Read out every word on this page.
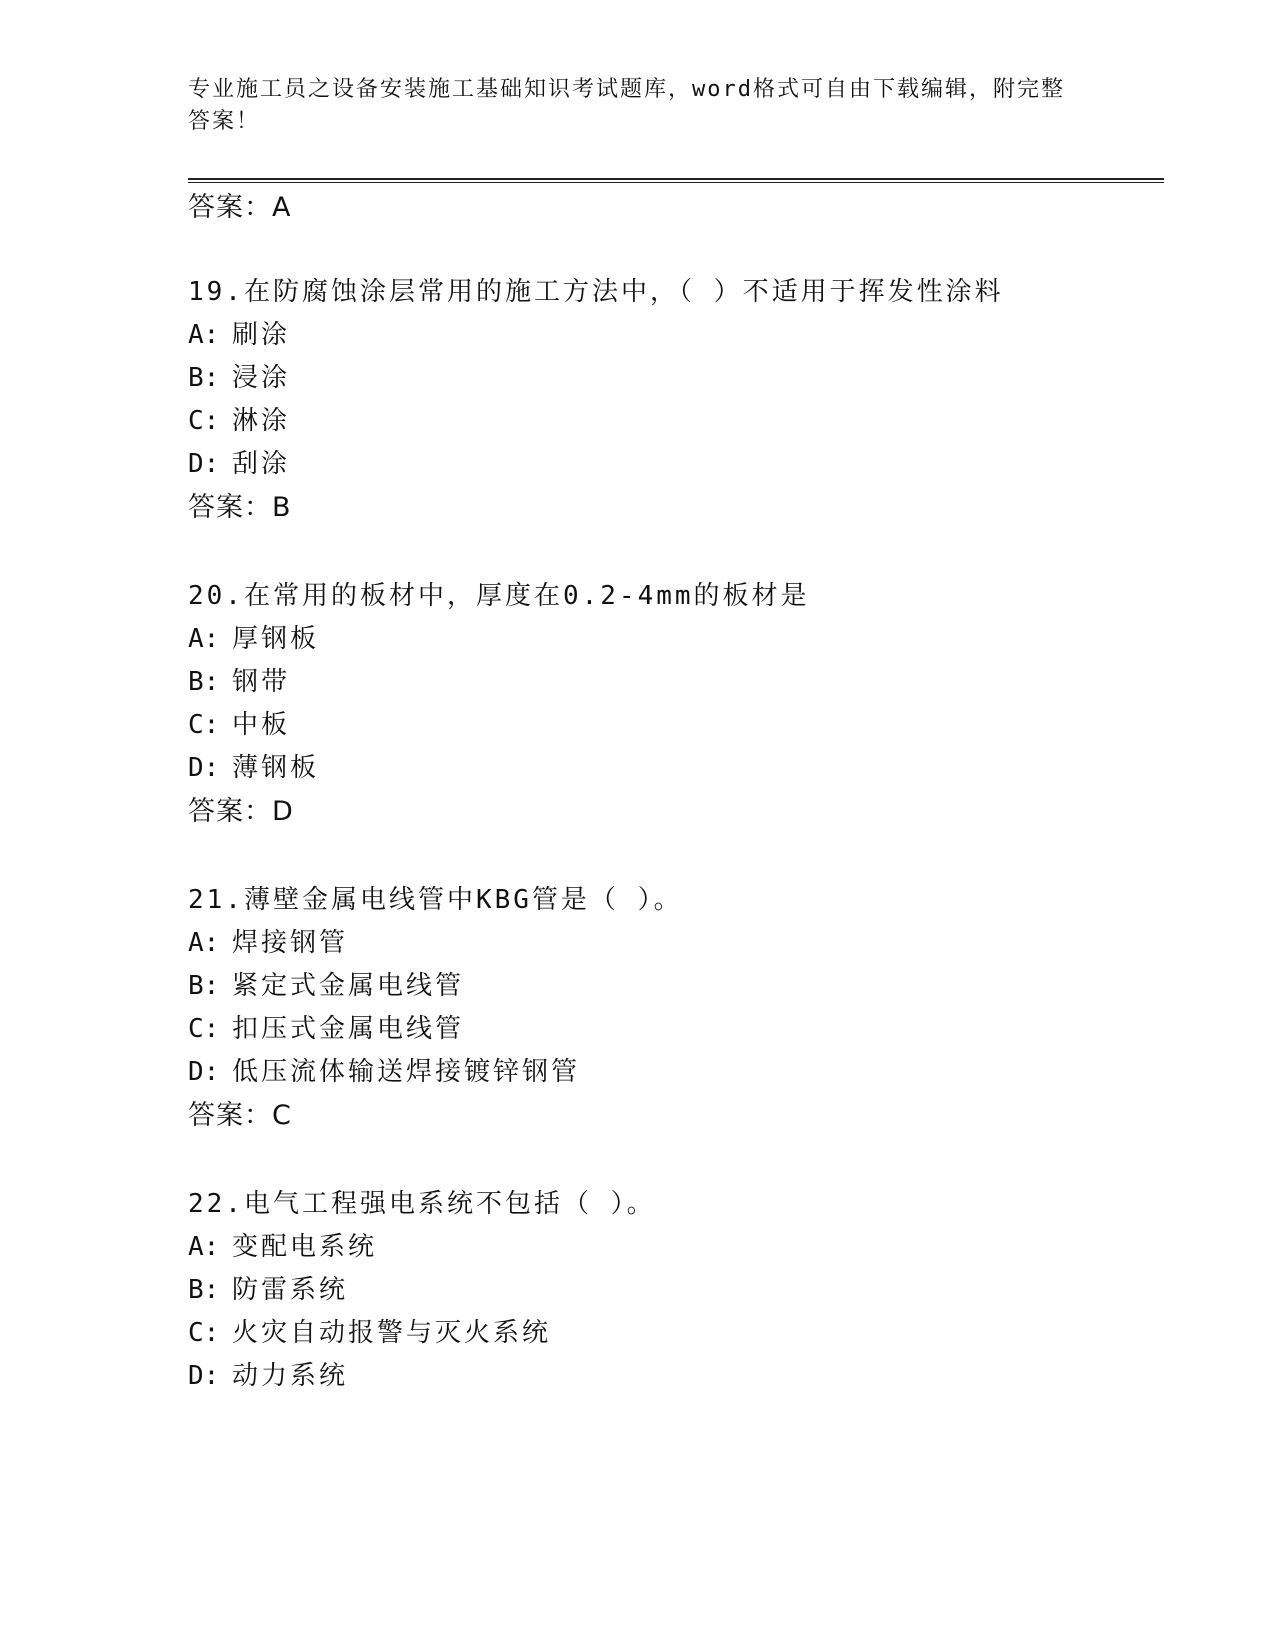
专业施工员之设备安装施工基础知识考试题库，word格式可自由下载编辑，附完整答案！
答案：A
19.在防腐蚀涂层常用的施工方法中，（ ）不适用于挥发性涂料
A: 刷涂
B: 浸涂
C: 淋涂
D: 刮涂
答案：B
20.在常用的板材中，厚度在0.2-4mm的板材是
A: 厚钢板
B: 钢带
C: 中板
D: 薄钢板
答案：D
21.薄壁金属电线管中KBG管是（ ）。
A: 焊接钢管
B: 紧定式金属电线管
C: 扣压式金属电线管
D: 低压流体输送焊接镀锌钢管
答案：C
22.电气工程强电系统不包括（ ）。
A: 变配电系统
B: 防雷系统
C: 火灾自动报警与灭火系统
D: 动力系统
